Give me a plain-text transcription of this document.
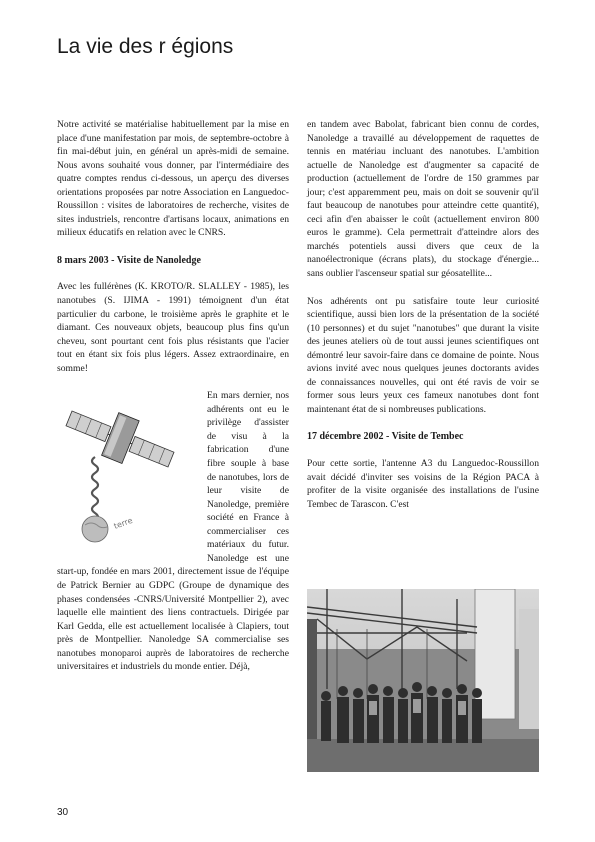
La vie des r égions

Notre activité se matérialise habituellement par la mise en place d'une manifestation par mois, de septembre-octobre à fin mai-début juin, en général un après-midi de semaine. Nous avons souhaité vous donner, par l'intermédiaire des quatre comptes rendus ci-dessous, un aperçu des diverses orientations proposées par notre Association en Languedoc-Roussillon : visites de laboratoires de recherche, visites de sites industriels, rencontre d'artisans locaux, animations en milieux éducatifs en relation avec le CNRS.

8 mars 2003 - Visite de Nanoledge

Avec les fullérènes (K. KROTO/R. SLALLEY - 1985), les nanotubes (S. IJIMA - 1991) témoignent d'un état particulier du carbone, le troisième après le graphite et le diamant. Ces nouveaux objets, beaucoup plus fins qu'un cheveu, sont pourtant cent fois plus résistants que l'acier tout en étant six fois plus légers. Assez extraordinaire, en somme!

terre

En mars dernier, nos adhérents ont eu le privilège d'assister de visu à la fabrication d'une fibre souple à base de nanotubes, lors de leur visite de Nanoledge, première société en France à commercialiser ces matériaux du futur. Nanoledge est une start-up, fondée en mars 2001, directement issue de l'équipe de Patrick Bernier au GDPC (Groupe de dynamique des phases condensées -CNRS/Université Montpellier 2), avec laquelle elle maintient des liens contractuels. Dirigée par Karl Gedda, elle est actuellement localisée à Clapiers, tout près de Montpellier. Nanoledge SA commercialise ses nanotubes monoparoi auprès de laboratoires de recherche universitaires et industriels du monde entier. Déjà,

en tandem avec Babolat, fabricant bien connu de cordes, Nanoledge a travaillé au développement de raquettes de tennis en matériau incluant des nanotubes. L'ambition actuelle de Nanoledge est d'augmenter sa capacité de production (actuellement de l'ordre de 150 grammes par jour; c'est apparemment peu, mais on doit se souvenir qu'il faut beaucoup de nanotubes pour atteindre cette quantité), ceci afin d'en abaisser le coût (actuellement environ 800 euros le gramme). Cela permettrait d'atteindre alors des marchés potentiels aussi divers que ceux de la nanoélectronique (écrans plats), du stockage d'énergie... sans oublier l'ascenseur spatial sur géosatellite...

Nos adhérents ont pu satisfaire toute leur curiosité scientifique, aussi bien lors de la présentation de la société (10 personnes) et du sujet "nanotubes" que durant la visite des jeunes ateliers où de tout aussi jeunes scientifiques ont démontré leur savoir-faire dans ce domaine de pointe. Nous avions invité avec nous quelques jeunes doctorants avides de connaissances nouvelles, qui ont été ravis de voir se former sous leurs yeux ces fameux nanotubes dont font maintenant état de si nombreuses publications.

17 décembre 2002 - Visite de Tembec

Pour cette sortie, l'antenne A3 du Languedoc-Roussillon avait décidé d'inviter ses voisins de la Région PACA à profiter de la visite organisée des installations de l'usine Tembec de Tarascon. C'est

30
